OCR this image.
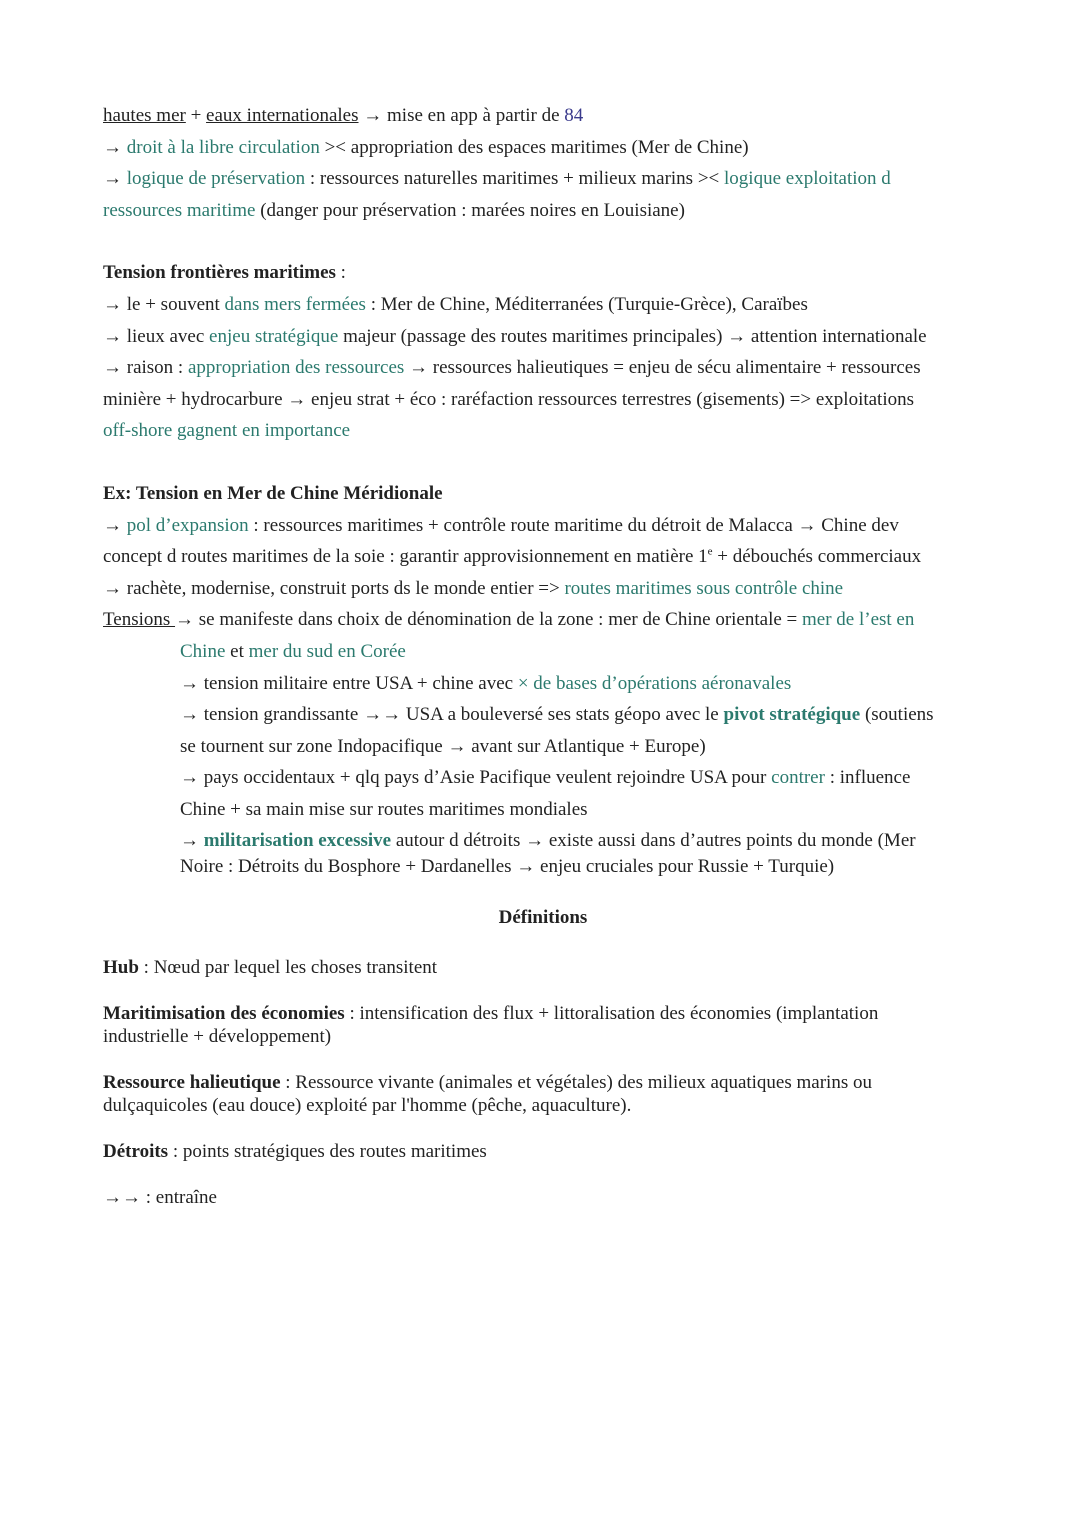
hautes mer + eaux internationales → mise en app à partir de 84
→ droit à la libre circulation >< appropriation des espaces maritimes (Mer de Chine)
→ logique de préservation : ressources naturelles maritimes + milieux marins >< logique exploitation d
ressources maritime (danger pour préservation : marées noires en Louisiane)
Tension frontières maritimes :
→ le + souvent dans mers fermées : Mer de Chine, Méditerranées (Turquie-Grèce), Caraïbes
→ lieux avec enjeu stratégique majeur (passage des routes maritimes principales) → attention internationale
→ raison : appropriation des ressources → ressources halieutiques = enjeu de sécu alimentaire + ressources
minière + hydrocarbure → enjeu strat + éco : raréfaction ressources terrestres (gisements) => exploitations
off-shore gagnent en importance
Ex: Tension en Mer de Chine Méridionale
→ pol d’expansion : ressources maritimes + contrôle route maritime du détroit de Malacca → Chine dev
concept d routes maritimes de la soie : garantir approvisionnement en matière $1^e$ + débouchés commerciaux
→ rachète, modernise, construit ports ds le monde entier => routes maritimes sous contrôle chine
Tensions → se manifeste dans choix de dénomination de la zone : mer de Chine orientale = mer de l’est en
Chine et mer du sud en Corée
→ tension militaire entre USA + chine avec × de bases d’opérations aéronavales
→ tension grandissante →→ USA a bouleversé ses stats géopo avec le pivot stratégique (soutiens
se tournent sur zone Indopacifique → avant sur Atlantique + Europe)
→ pays occidentaux + qlq pays d’Asie Pacifique veulent rejoindre USA pour contrer : influence
Chine + sa main mise sur routes maritimes mondiales
→ militarisation excessive autour d détroits → existe aussi dans d’autres points du monde (Mer
Noire : Détroits du Bosphore + Dardanelles → enjeu cruciales pour Russie + Turquie)
Définitions
Hub : Nœud par lequel les choses transitent
Maritimisation des économies : intensification des flux + littoralisation des économies (implantation industrielle + développement)
Ressource halieutique : Ressource vivante (animales et végétales) des milieux aquatiques marins ou dulçaquicoles (eau douce) exploité par l'homme (pêche, aquaculture).
Détroits : points stratégiques des routes maritimes
→→ : entraîne
